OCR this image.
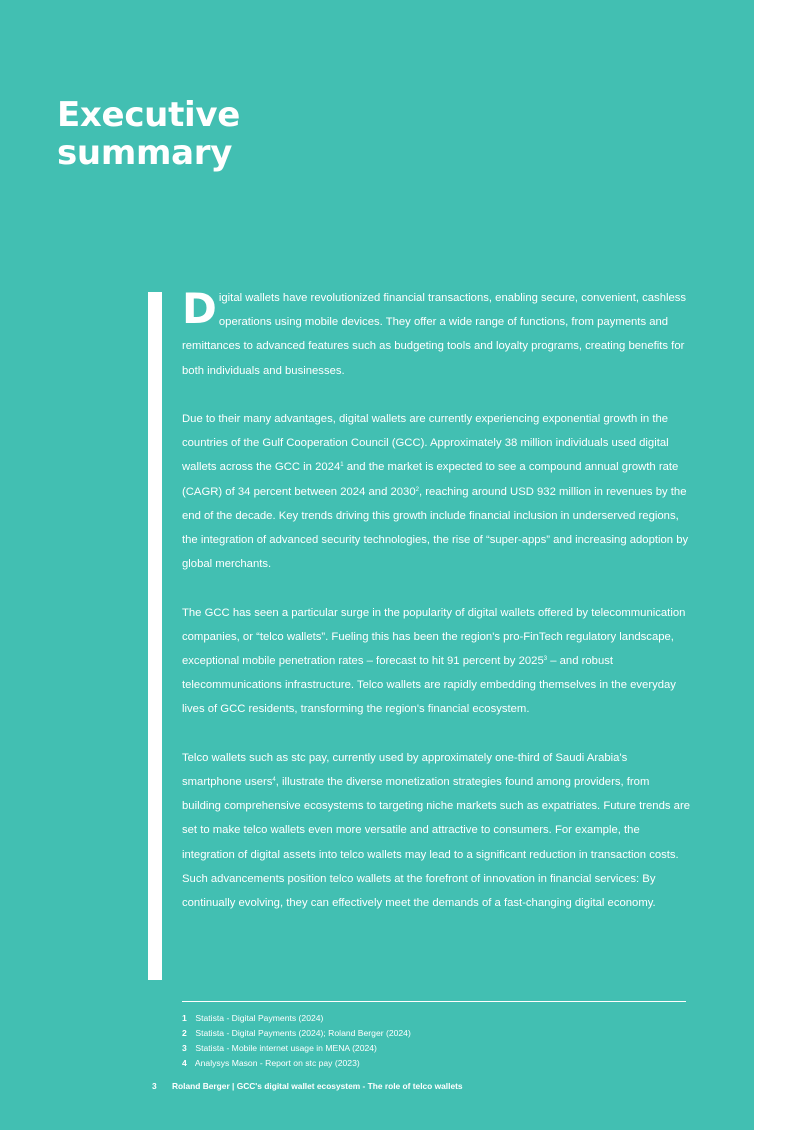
Executive
summary

Digital wallets have revolutionized financial transactions, enabling secure, convenient, cashless operations using mobile devices. They offer a wide range of functions, from payments and remittances to advanced features such as budgeting tools and loyalty programs, creating benefits for both individuals and businesses.

Due to their many advantages, digital wallets are currently experiencing exponential growth in the countries of the Gulf Cooperation Council (GCC). Approximately 38 million individuals used digital wallets across the GCC in 2024$^1$ and the market is expected to see a compound annual growth rate (CAGR) of 34 percent between 2024 and 2030$^2$, reaching around USD 932 million in revenues by the end of the decade. Key trends driving this growth include financial inclusion in underserved regions, the integration of advanced security technologies, the rise of “super-apps” and increasing adoption by global merchants.

The GCC has seen a particular surge in the popularity of digital wallets offered by telecommunication companies, or “telco wallets”. Fueling this has been the region's pro-FinTech regulatory landscape, exceptional mobile penetration rates – forecast to hit 91 percent by 2025$^3$ – and robust telecommunications infrastructure. Telco wallets are rapidly embedding themselves in the everyday lives of GCC residents, transforming the region's financial ecosystem.

Telco wallets such as stc pay, currently used by approximately one-third of Saudi Arabia's smartphone users$^4$, illustrate the diverse monetization strategies found among providers, from building comprehensive ecosystems to targeting niche markets such as expatriates. Future trends are set to make telco wallets even more versatile and attractive to consumers. For example, the integration of digital assets into telco wallets may lead to a significant reduction in transaction costs. Such advancements position telco wallets at the forefront of innovation in financial services: By continually evolving, they can effectively meet the demands of a fast-changing digital economy.

1 Statista - Digital Payments (2024)
2 Statista - Digital Payments (2024); Roland Berger (2024)
3 Statista - Mobile internet usage in MENA (2024)
4 Analysys Mason - Report on stc pay (2023)
3 Roland Berger | GCC's digital wallet ecosystem - The role of telco wallets
